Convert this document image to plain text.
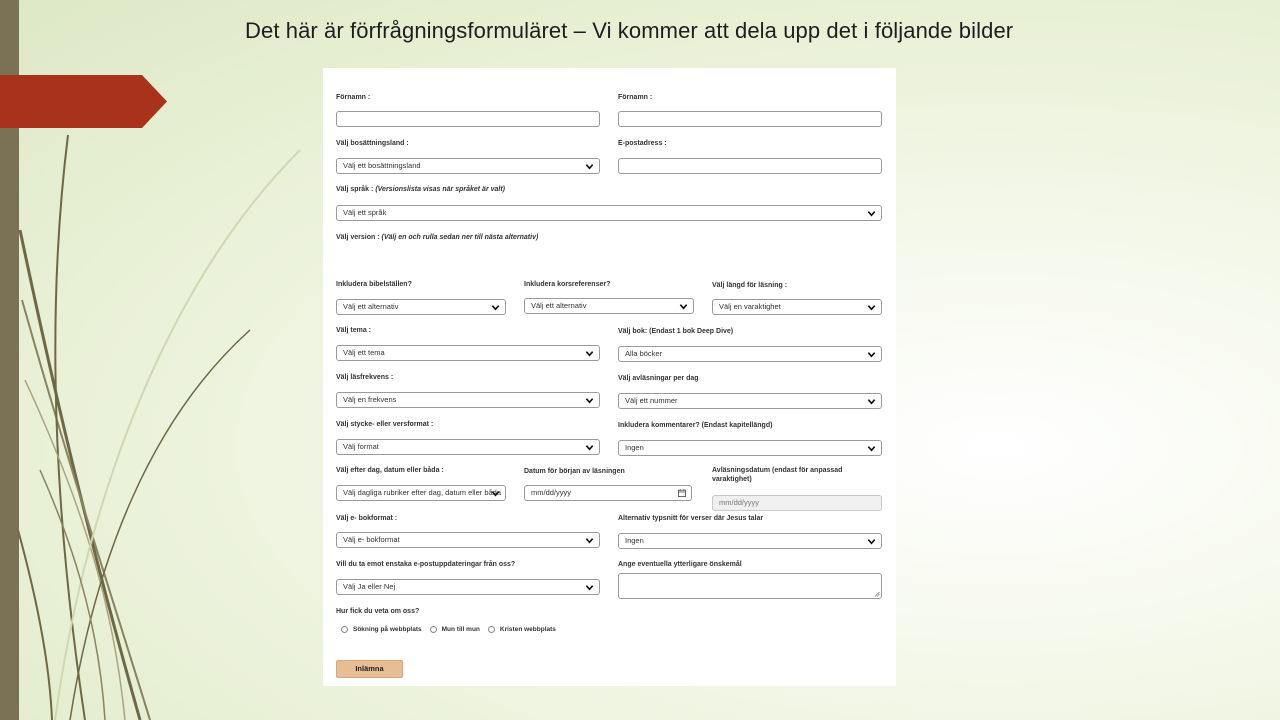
Det här är förfrågningsformuläret – Vi kommer att dela upp det i följande bilder
Förnamn :	Förnamn :
Välj bosättningsland :
Välj ett bosättningsland
E-postadress :
Välj språk : (Versionslista visas när språket är valt)
Välj ett språk
Välj version : (Välj en och rulla sedan ner till nästa alternativ)
Inkludera bibelställen?
Välj ett alternativ
Inkludera korsreferenser?
Välj ett alternativ
Välj längd för läsning :
Välj en varaktighet
Välj tema :
Välj ett tema
Välj bok: (Endast 1 bok Deep Dive)
Alla böcker
Välj läsfrekvens :
Välj en frekvens
Välj avläsningar per dag
Välj ett nummer
Välj stycke- eller versformat :
Välj format
Inkludera kommentarer? (Endast kapitellängd)
Ingen
Välj efter dag, datum eller båda :
Välj dagliga rubriker efter dag, datum eller båda
Datum för början av läsningen
mm/dd/yyyy
Avläsningsdatum (endast för anpassad varaktighet)
mm/dd/yyyy
Välj e- bokformat :
Välj e- bokformat
Alternativ typsnitt för verser där Jesus talar
Ingen
Vill du ta emot enstaka e-postuppdateringar från oss?
Välj Ja eller Nej
Ange eventuella ytterligare önskemål
Hur fick du veta om oss?
Sökning på webbplats	Mun till mun	Kristen webbplats
Inlämna
